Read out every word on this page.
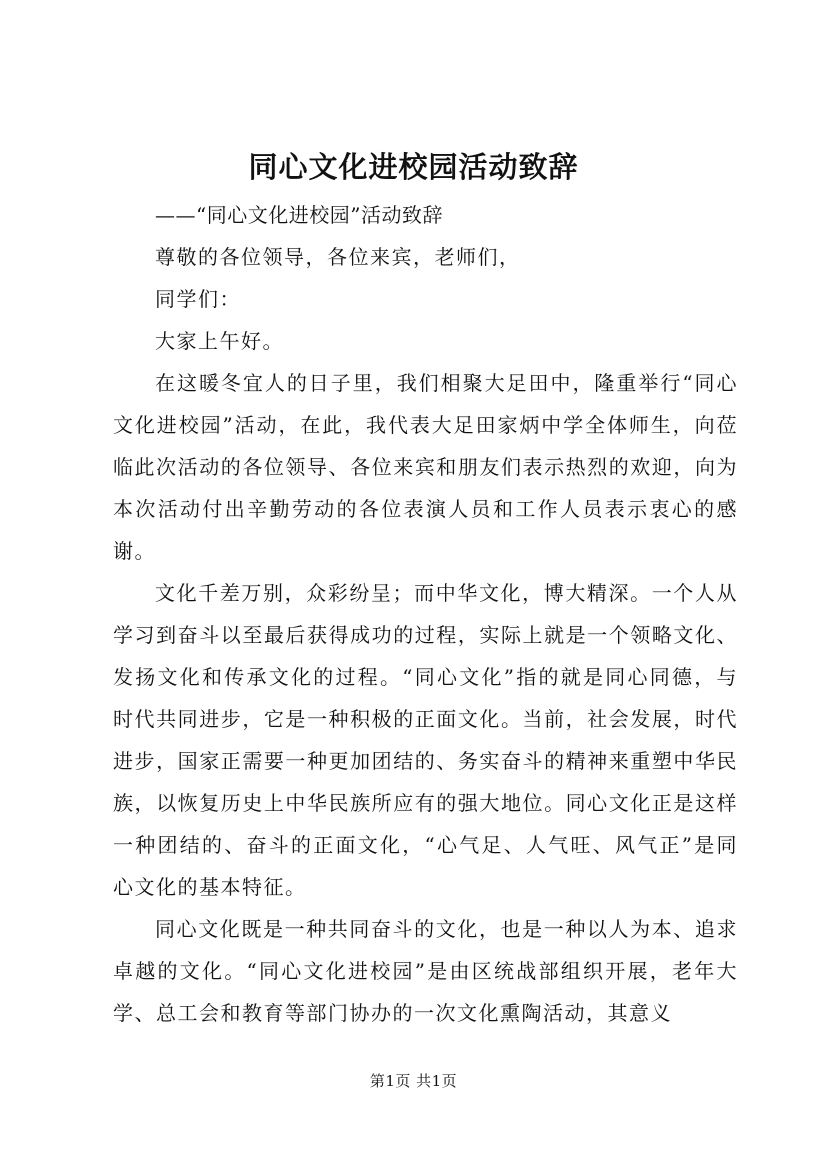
同心文化进校园活动致辞

——“同心文化进校园”活动致辞

尊敬的各位领导，各位来宾，老师们，

同学们：

大家上午好。

在这暖冬宜人的日子里，我们相聚大足田中，隆重举行“同心文化进校园”活动，在此，我代表大足田家炳中学全体师生，向莅临此次活动的各位领导、各位来宾和朋友们表示热烈的欢迎，向为本次活动付出辛勤劳动的各位表演人员和工作人员表示衷心的感谢。

文化千差万别，众彩纷呈；而中华文化，博大精深。一个人从学习到奋斗以至最后获得成功的过程，实际上就是一个领略文化、发扬文化和传承文化的过程。“同心文化”指的就是同心同德，与时代共同进步，它是一种积极的正面文化。当前，社会发展，时代进步，国家正需要一种更加团结的、务实奋斗的精神来重塑中华民族，以恢复历史上中华民族所应有的强大地位。同心文化正是这样一种团结的、奋斗的正面文化，“心气足、人气旺、风气正”是同心文化的基本特征。

同心文化既是一种共同奋斗的文化，也是一种以人为本、追求卓越的文化。“同心文化进校园”是由区统战部组织开展，老年大学、总工会和教育等部门协办的一次文化熏陶活动，其意义

第1页 共1页
